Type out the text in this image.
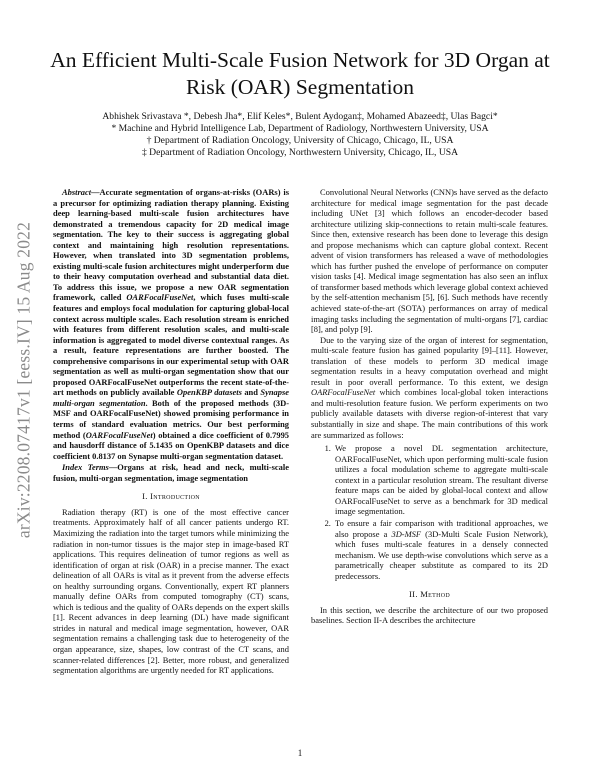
An Efficient Multi-Scale Fusion Network for 3D Organ at Risk (OAR) Segmentation
Abhishek Srivastava *, Debesh Jha*, Elif Keles*, Bulent Aydogan‡, Mohamed Abazeed‡, Ulas Bagci*
* Machine and Hybrid Intelligence Lab, Department of Radiology, Northwestern University, USA
† Department of Radiation Oncology, University of Chicago, Chicago, IL, USA
‡ Department of Radiation Oncology, Northwestern University, Chicago, IL, USA
arXiv:2208.07417v1 [eess.IV] 15 Aug 2022

Abstract—Accurate segmentation of organs-at-risks (OARs) is a precursor for optimizing radiation therapy planning. Existing deep learning-based multi-scale fusion architectures have demonstrated a tremendous capacity for 2D medical image segmentation. The key to their success is aggregating global context and maintaining high resolution representations. However, when translated into 3D segmentation problems, existing multi-scale fusion architectures might underperform due to their heavy computation overhead and substantial data diet. To address this issue, we propose a new OAR segmentation framework, called OARFocalFuseNet, which fuses multi-scale features and employs focal modulation for capturing global-local context across multiple scales. Each resolution stream is enriched with features from different resolution scales, and multi-scale information is aggregated to model diverse contextual ranges. As a result, feature representations are further boosted. The comprehensive comparisons in our experimental setup with OAR segmentation as well as multi-organ segmentation show that our proposed OARFocalFuseNet outperforms the recent state-of-the-art methods on publicly available OpenKBP datasets and Synapse multi-organ segmentation. Both of the proposed methods (3D-MSF and OARFocalFuseNet) showed promising performance in terms of standard evaluation metrics. Our best performing method (OARFocalFuseNet) obtained a dice coefficient of 0.7995 and hausdorff distance of 5.1435 on OpenKBP datasets and dice coefficient 0.8137 on Synapse multi-organ segmentation dataset.

Index Terms—Organs at risk, head and neck, multi-scale fusion, multi-organ segmentation, image segmentation

I. Introduction

Radiation therapy (RT) is one of the most effective cancer treatments. Approximately half of all cancer patients undergo RT. Maximizing the radiation into the target tumors while minimizing the radiation in non-tumor tissues is the major step in image-based RT applications. This requires delineation of tumor regions as well as identification of organ at risk (OAR) in a precise manner. The exact delineation of all OARs is vital as it prevent from the adverse effects on healthy surrounding organs. Conventionally, expert RT planners manually define OARs from computed tomography (CT) scans, which is tedious and the quality of OARs depends on the expert skills [1]. Recent advances in deep learning (DL) have made significant strides in natural and medical image segmentation, however, OAR segmentation remains a challenging task due to heterogeneity of the organ appearance, size, shapes, low contrast of the CT scans, and scanner-related differences [2]. Better, more robust, and generalized segmentation algorithms are urgently needed for RT applications.

Convolutional Neural Networks (CNN)s have served as the defacto architecture for medical image segmentation for the past decade including UNet [3] which follows an encoder-decoder based architecture utilizing skip-connections to retain multi-scale features. Since then, extensive research has been done to leverage this design and propose mechanisms which can capture global context. Recent advent of vision transformers has released a wave of methodologies which has further pushed the envelope of performance on computer vision tasks [4]. Medical image segmentation has also seen an influx of transformer based methods which leverage global context achieved by the self-attention mechanism [5], [6]. Such methods have recently achieved state-of-the-art (SOTA) performances on array of medical imaging tasks including the segmentation of multi-organs [7], cardiac [8], and polyp [9].

Due to the varying size of the organ of interest for segmentation, multi-scale feature fusion has gained popularity [9]–[11]. However, translation of these models to perform 3D medical image segmentation results in a heavy computation overhead and might result in poor overall performance. To this extent, we design OARFocalFuseNet which combines local-global token interactions and multi-resolution feature fusion. We perform experiments on two publicly available datasets with diverse region-of-interest that vary substantially in size and shape. The main contributions of this work are summarized as follows:

1. We propose a novel DL segmentation architecture, OARFocalFuseNet, which upon performing multi-scale fusion utilizes a focal modulation scheme to aggregate multi-scale context in a particular resolution stream. The resultant diverse feature maps can be aided by global-local context and allow OARFocalFuseNet to serve as a benchmark for 3D medical image segmentation.
2. To ensure a fair comparison with traditional approaches, we also propose a 3D-MSF (3D-Multi Scale Fusion Network), which fuses multi-scale features in a densely connected mechanism. We use depth-wise convolutions which serve as a parametrically cheaper substitute as compared to its 2D predecessors.

II. Method

In this section, we describe the architecture of our two proposed baselines. Section II-A describes the architecture

1
